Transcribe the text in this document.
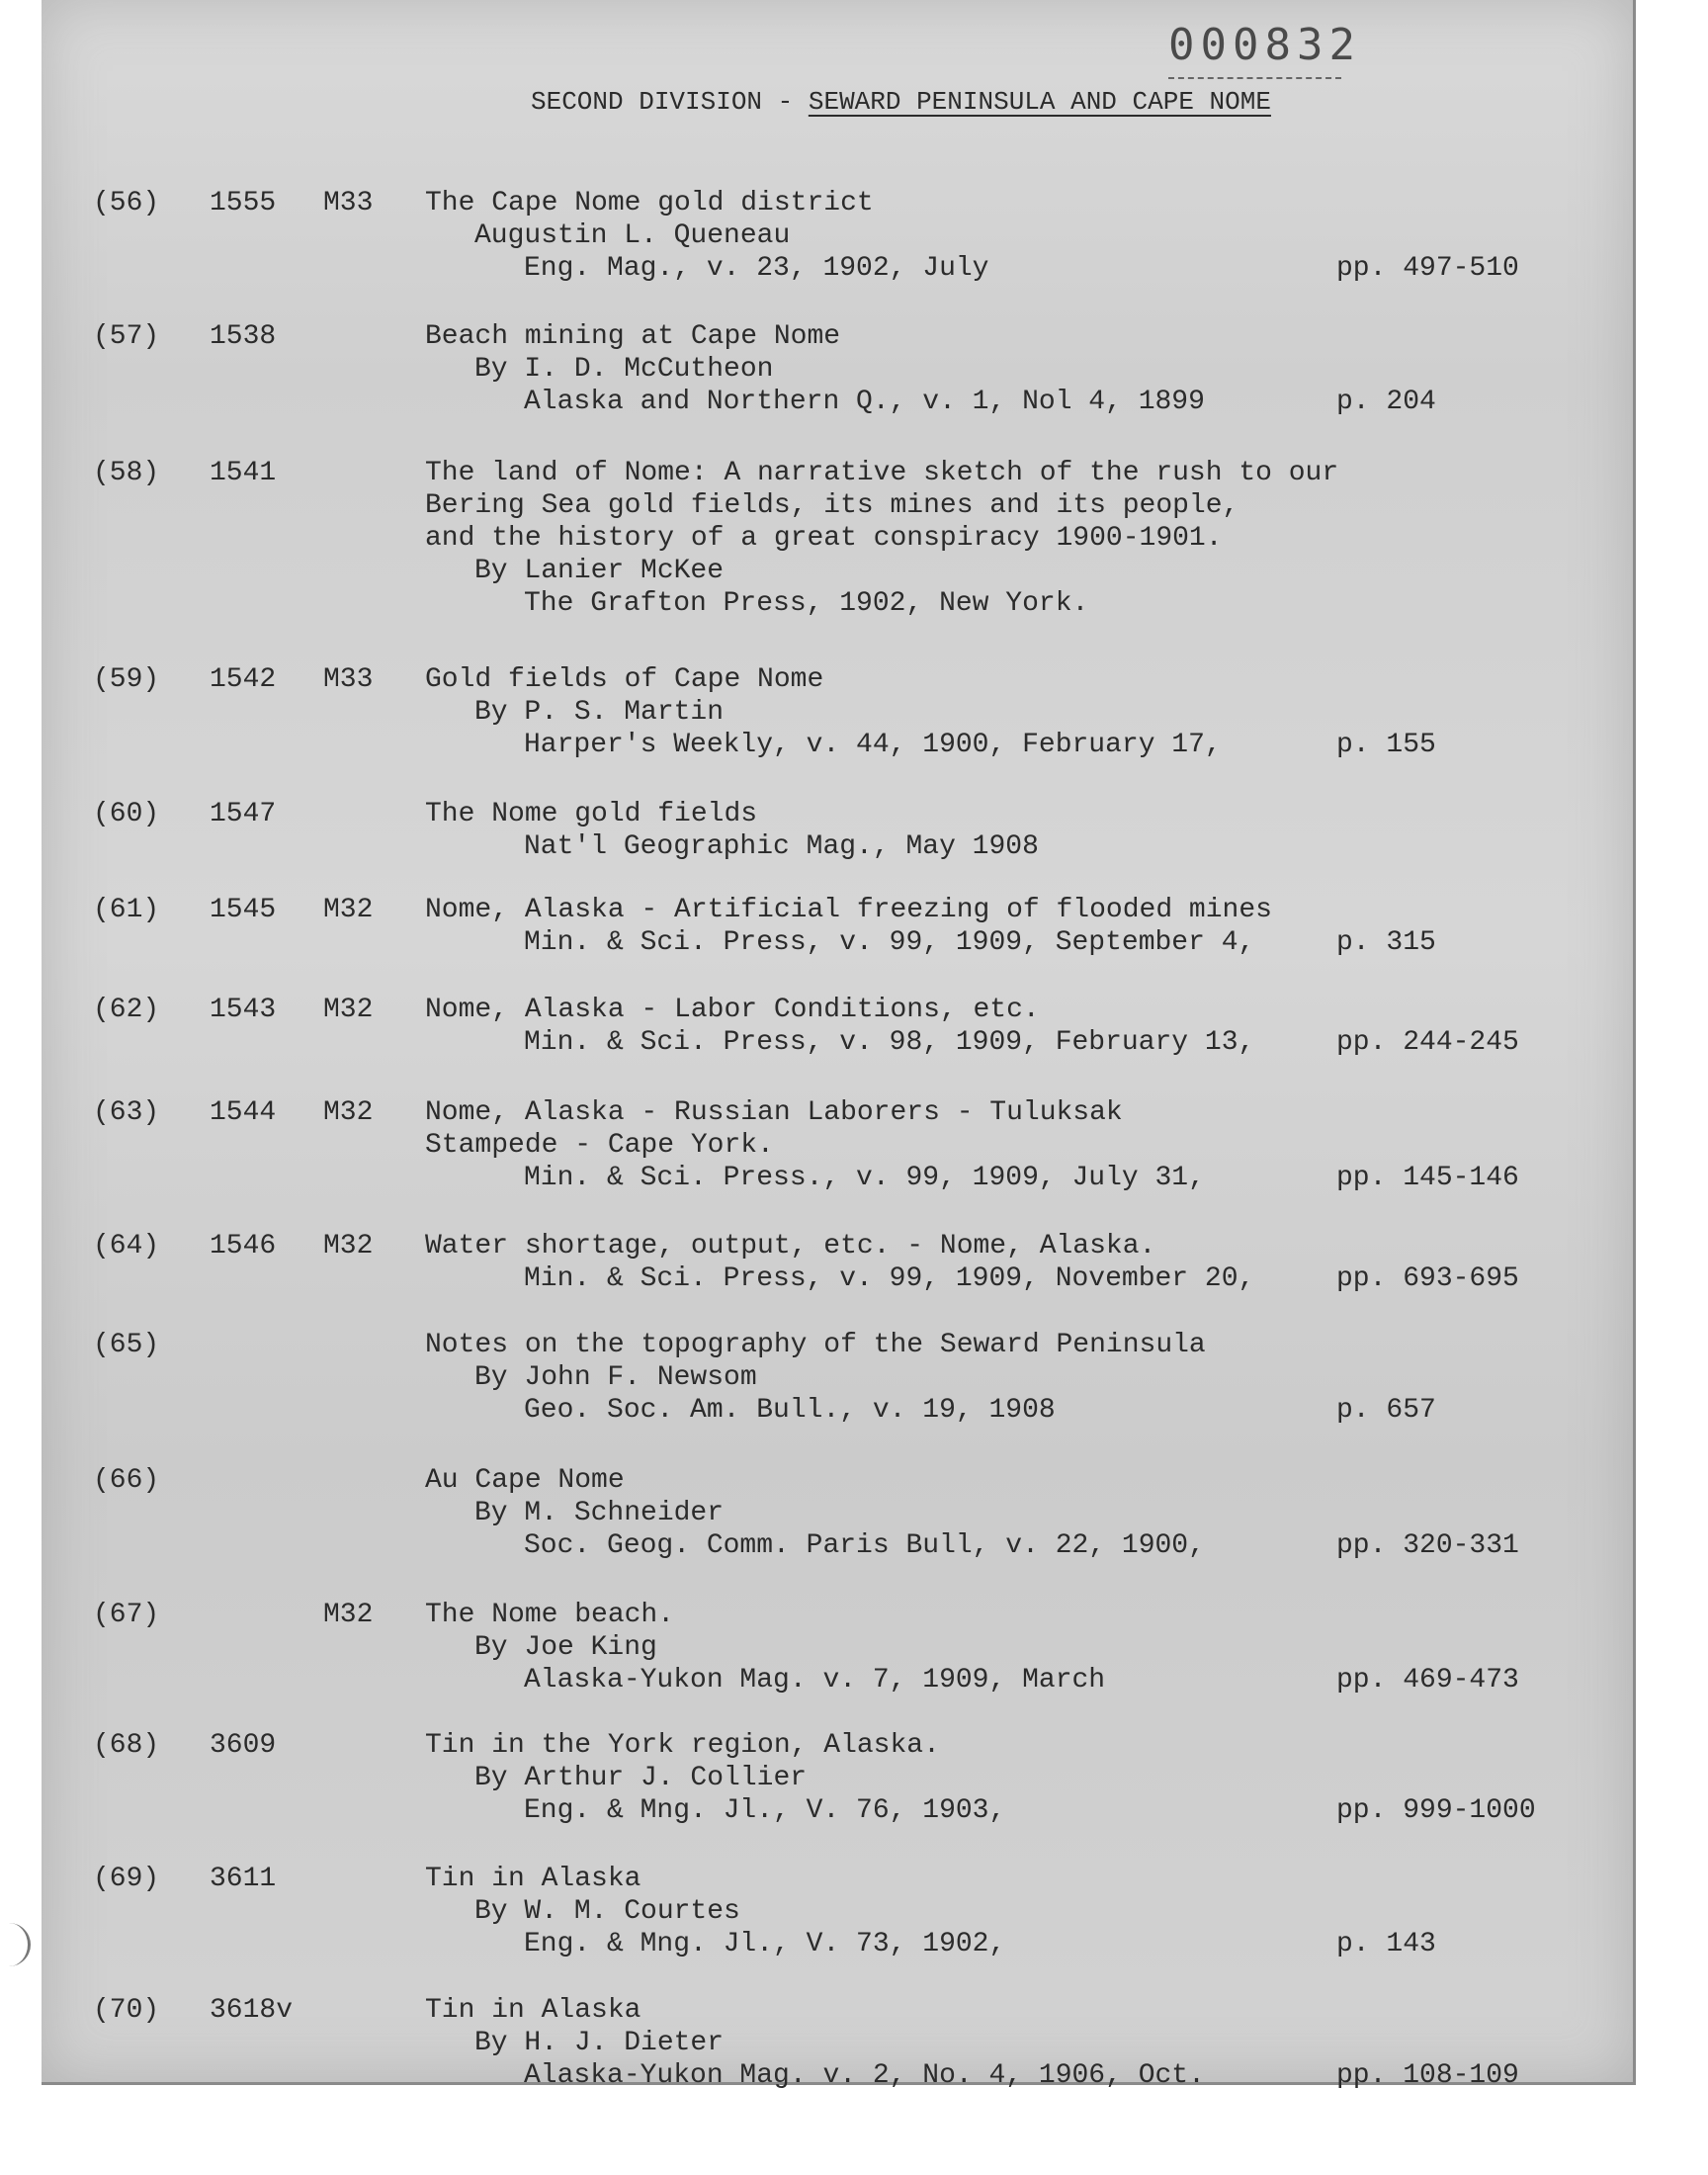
000832
SECOND DIVISION - SEWARD PENINSULA AND CAPE NOME
(56) 1555 M33 The Cape Nome gold district
Augustin L. Queneau
Eng. Mag., v. 23, 1902, July	pp. 497-510
(57) 1538	Beach mining at Cape Nome
By I. D. McCutheon
Alaska and Northern Q., v. 1, Nol 4, 1899	p. 204
(58) 1541	The land of Nome: A narrative sketch of the rush to our
Bering Sea gold fields, its mines and its people,
and the history of a great conspiracy 1900-1901.
By Lanier McKee
The Grafton Press, 1902, New York.
(59) 1542 M33 Gold fields of Cape Nome
By P. S. Martin
Harper's Weekly, v. 44, 1900, February 17,	p. 155
(60) 1547	The Nome gold fields
Nat'l Geographic Mag., May 1908
(61) 1545 M32 Nome, Alaska - Artificial freezing of flooded mines
Min. & Sci. Press, v. 99, 1909, September 4,	p. 315
(62) 1543 M32 Nome, Alaska - Labor Conditions, etc.
Min. & Sci. Press, v. 98, 1909, February 13,	pp. 244-245
(63) 1544 M32 Nome, Alaska - Russian Laborers - Tuluksak
Stampede - Cape York.
Min. & Sci. Press., v. 99, 1909, July 31,	pp. 145-146
(64) 1546 M32 Water shortage, output, etc. - Nome, Alaska.
Min. & Sci. Press, v. 99, 1909, November 20,	pp. 693-695
(65)	Notes on the topography of the Seward Peninsula
By John F. Newsom
Geo. Soc. Am. Bull., v. 19, 1908	p. 657
(66)	Au Cape Nome
By M. Schneider
Soc. Geog. Comm. Paris Bull, v. 22, 1900,	pp. 320-331
(67)	M32 The Nome beach.
By Joe King
Alaska-Yukon Mag. v. 7, 1909, March	pp. 469-473
(68) 3609	Tin in the York region, Alaska.
By Arthur J. Collier
Eng. & Mng. Jl., V. 76, 1903,	pp. 999-1000
(69) 3611	Tin in Alaska
By W. M. Courtes
Eng. & Mng. Jl., V. 73, 1902,	p. 143
(70) 3618v	Tin in Alaska
By H. J. Dieter
Alaska-Yukon Mag. v. 2, No. 4, 1906, Oct.	pp. 108-109
